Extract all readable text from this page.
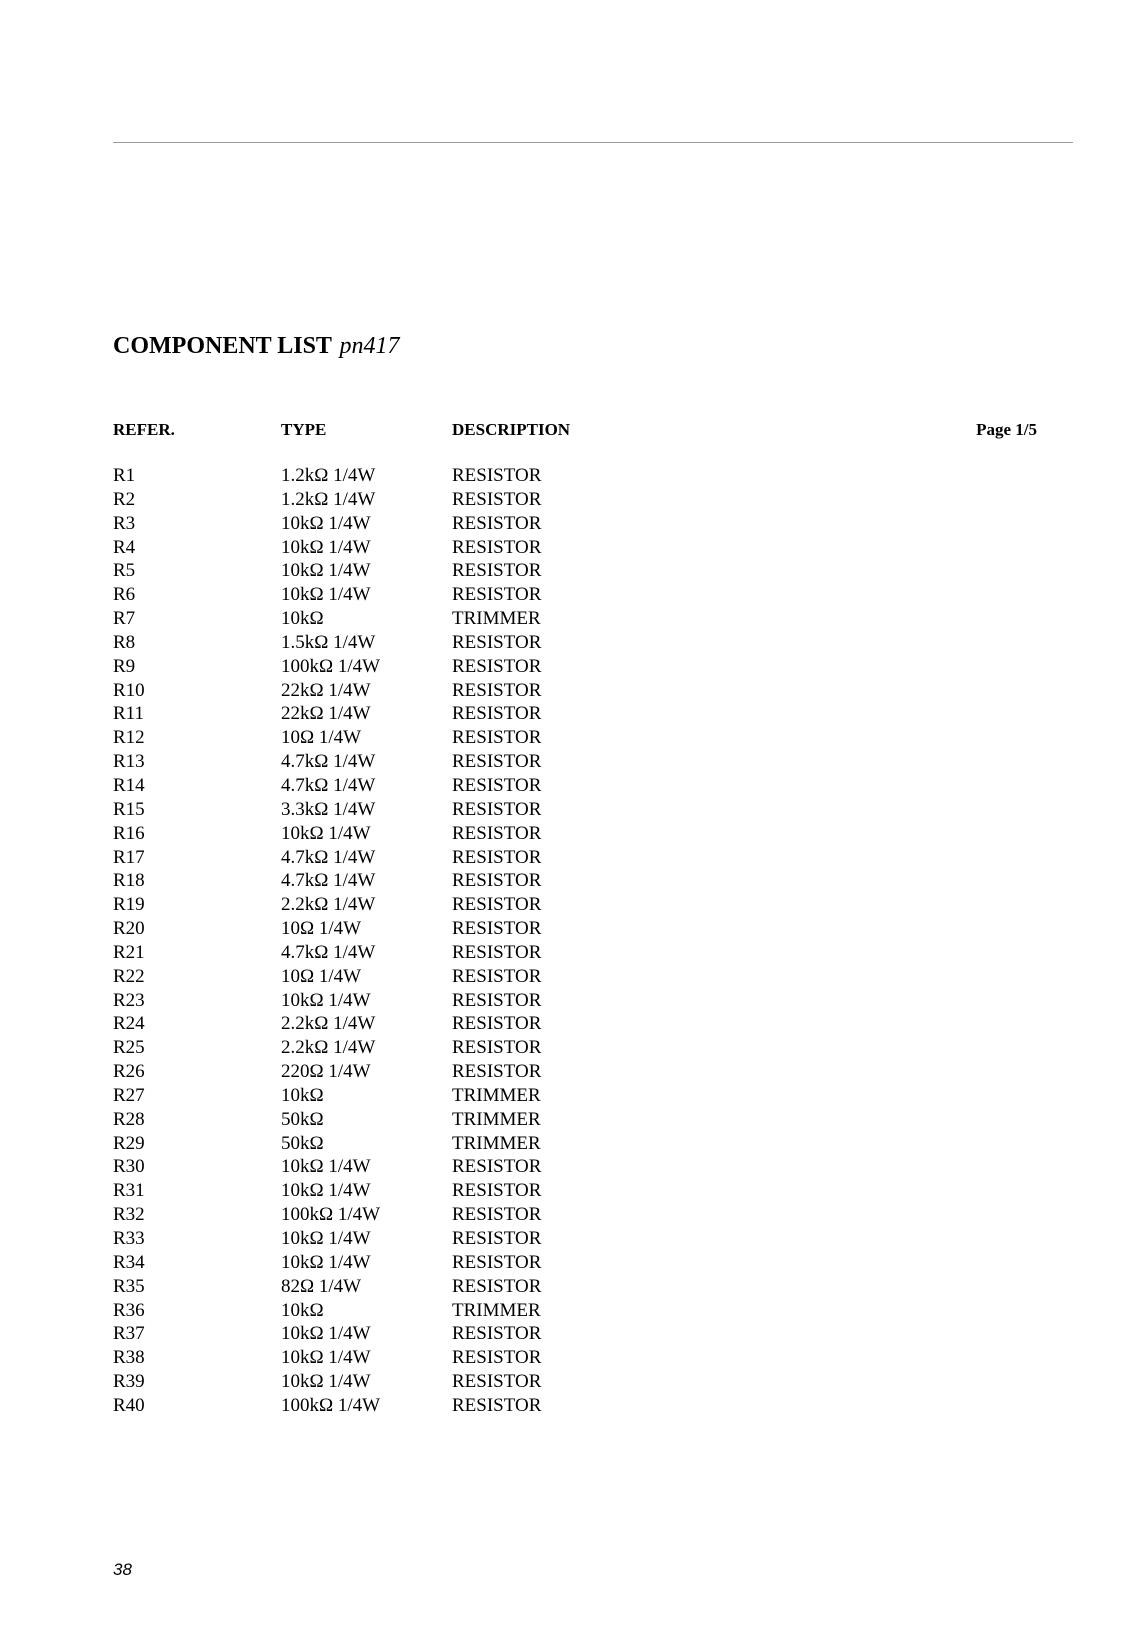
COMPONENT LIST pn417
REFER.	TYPE	DESCRIPTION	Page 1/5
R1	1.2kΩ 1/4W	RESISTOR
R2	1.2kΩ 1/4W	RESISTOR
R3	10kΩ 1/4W	RESISTOR
R4	10kΩ 1/4W	RESISTOR
R5	10kΩ 1/4W	RESISTOR
R6	10kΩ 1/4W	RESISTOR
R7	10kΩ	TRIMMER
R8	1.5kΩ 1/4W	RESISTOR
R9	100kΩ 1/4W	RESISTOR
R10	22kΩ 1/4W	RESISTOR
R11	22kΩ 1/4W	RESISTOR
R12	10Ω 1/4W	RESISTOR
R13	4.7kΩ 1/4W	RESISTOR
R14	4.7kΩ 1/4W	RESISTOR
R15	3.3kΩ 1/4W	RESISTOR
R16	10kΩ 1/4W	RESISTOR
R17	4.7kΩ 1/4W	RESISTOR
R18	4.7kΩ 1/4W	RESISTOR
R19	2.2kΩ 1/4W	RESISTOR
R20	10Ω 1/4W	RESISTOR
R21	4.7kΩ 1/4W	RESISTOR
R22	10Ω 1/4W	RESISTOR
R23	10kΩ 1/4W	RESISTOR
R24	2.2kΩ 1/4W	RESISTOR
R25	2.2kΩ 1/4W	RESISTOR
R26	220Ω 1/4W	RESISTOR
R27	10kΩ	TRIMMER
R28	50kΩ	TRIMMER
R29	50kΩ	TRIMMER
R30	10kΩ 1/4W	RESISTOR
R31	10kΩ 1/4W	RESISTOR
R32	100kΩ 1/4W	RESISTOR
R33	10kΩ 1/4W	RESISTOR
R34	10kΩ 1/4W	RESISTOR
R35	82Ω 1/4W	RESISTOR
R36	10kΩ	TRIMMER
R37	10kΩ 1/4W	RESISTOR
R38	10kΩ 1/4W	RESISTOR
R39	10kΩ 1/4W	RESISTOR
R40	100kΩ 1/4W	RESISTOR
38
